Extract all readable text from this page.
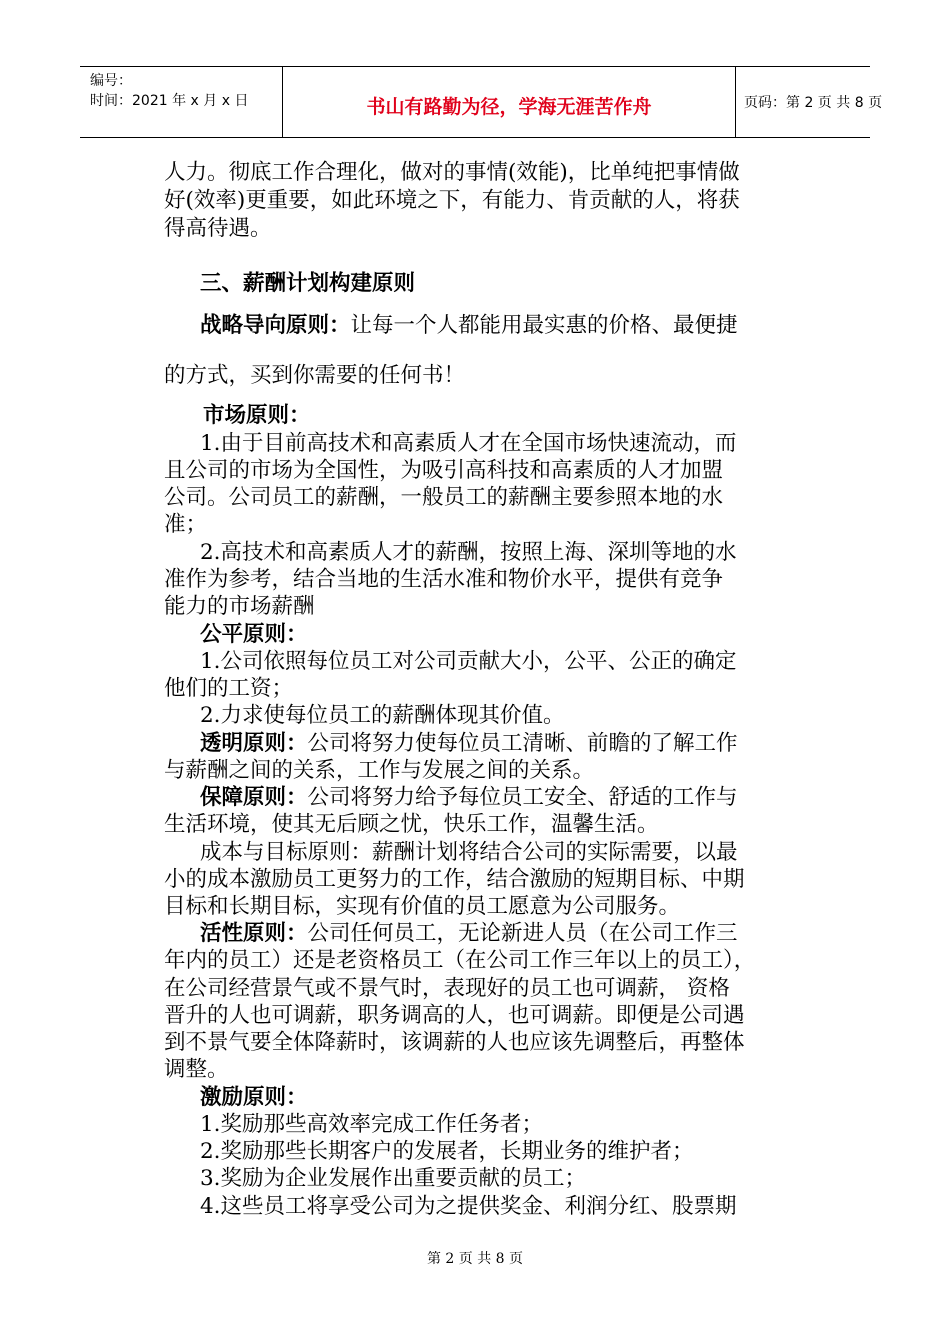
编号：
时间：2021 年 x 月 x 日	书山有路勤为径，学海无涯苦作舟	页码：第 2 页 共 8 页
人力。彻底工作合理化，做对的事情(效能)，比单纯把事情做
好(效率)更重要，如此环境之下，有能力、肯贡献的人，将获
得高待遇。
三、薪酬计划构建原则
战略导向原则：让每一个人都能用最实惠的价格、最便捷
的方式，买到你需要的任何书！
市场原则：
1.由于目前高技术和高素质人才在全国市场快速流动，而
且公司的市场为全国性，为吸引高科技和高素质的人才加盟
公司。公司员工的薪酬，一般员工的薪酬主要参照本地的水
准；
2.高技术和高素质人才的薪酬，按照上海、深圳等地的水
准作为参考，结合当地的生活水准和物价水平，提供有竞争
能力的市场薪酬
公平原则：
1.公司依照每位员工对公司贡献大小，公平、公正的确定
他们的工资；
2.力求使每位员工的薪酬体现其价值。
透明原则：公司将努力使每位员工清晰、前瞻的了解工作
与薪酬之间的关系，工作与发展之间的关系。
保障原则：公司将努力给予每位员工安全、舒适的工作与
生活环境，使其无后顾之忧，快乐工作，温馨生活。
成本与目标原则：薪酬计划将结合公司的实际需要，以最
小的成本激励员工更努力的工作，结合激励的短期目标、中期
目标和长期目标，实现有价值的员工愿意为公司服务。
活性原则：公司任何员工，无论新进人员（在公司工作三
年内的员工）还是老资格员工（在公司工作三年以上的员工），
在公司经营景气或不景气时，表现好的员工也可调薪， 资格
晋升的人也可调薪，职务调高的人，也可调薪。即便是公司遇
到不景气要全体降薪时，该调薪的人也应该先调整后，再整体
调整。
激励原则：
1.奖励那些高效率完成工作任务者；
2.奖励那些长期客户的发展者，长期业务的维护者；
3.奖励为企业发展作出重要贡献的员工；
4.这些员工将享受公司为之提供奖金、利润分红、股票期
第 2 页 共 8 页
